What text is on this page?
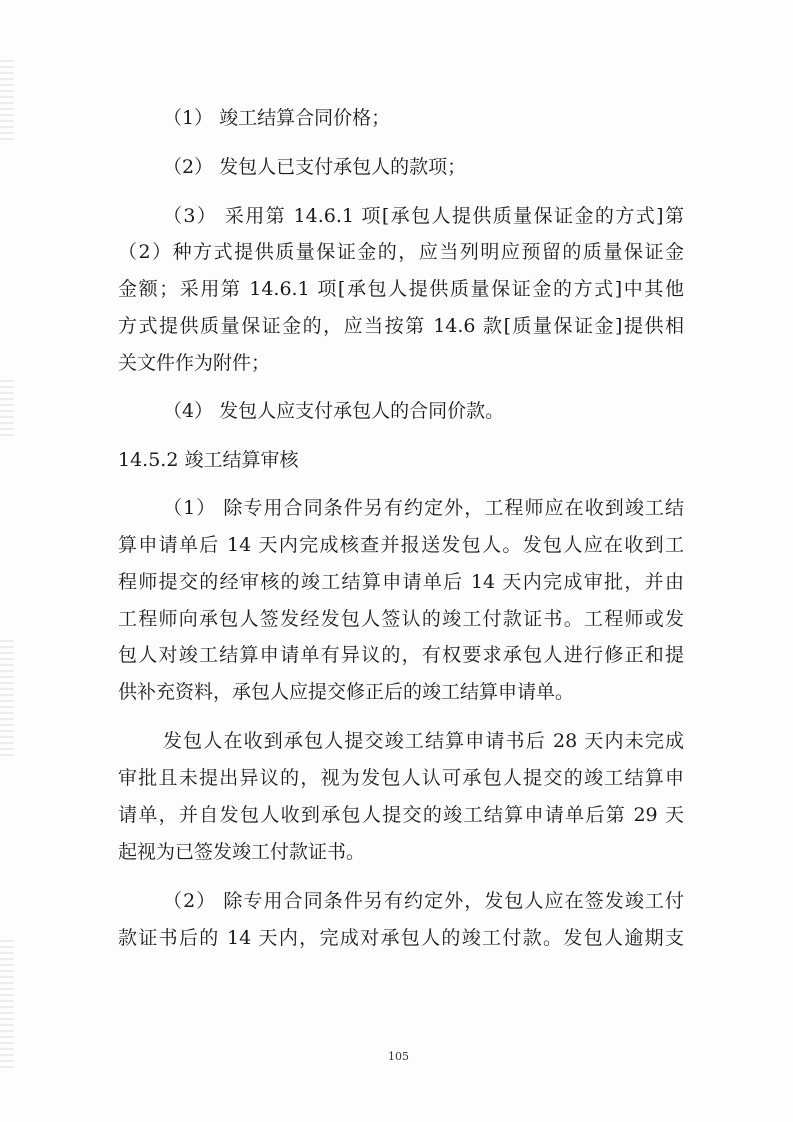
（1） 竣工结算合同价格；
（2） 发包人已支付承包人的款项；
（3） 采用第 14.6.1 项[承包人提供质量保证金的方式]第
（2）种方式提供质量保证金的，应当列明应预留的质量保证金
金额；采用第 14.6.1 项[承包人提供质量保证金的方式]中其他
方式提供质量保证金的，应当按第 14.6 款[质量保证金]提供相
关文件作为附件；
（4） 发包人应支付承包人的合同价款。
14.5.2 竣工结算审核
（1） 除专用合同条件另有约定外，工程师应在收到竣工结
算申请单后 14 天内完成核查并报送发包人。发包人应在收到工
程师提交的经审核的竣工结算申请单后 14 天内完成审批，并由
工程师向承包人签发经发包人签认的竣工付款证书。工程师或发
包人对竣工结算申请单有异议的，有权要求承包人进行修正和提
供补充资料，承包人应提交修正后的竣工结算申请单。
发包人在收到承包人提交竣工结算申请书后 28 天内未完成
审批且未提出异议的，视为发包人认可承包人提交的竣工结算申
请单，并自发包人收到承包人提交的竣工结算申请单后第 29 天
起视为已签发竣工付款证书。
（2） 除专用合同条件另有约定外，发包人应在签发竣工付
款证书后的 14 天内，完成对承包人的竣工付款。发包人逾期支
105
